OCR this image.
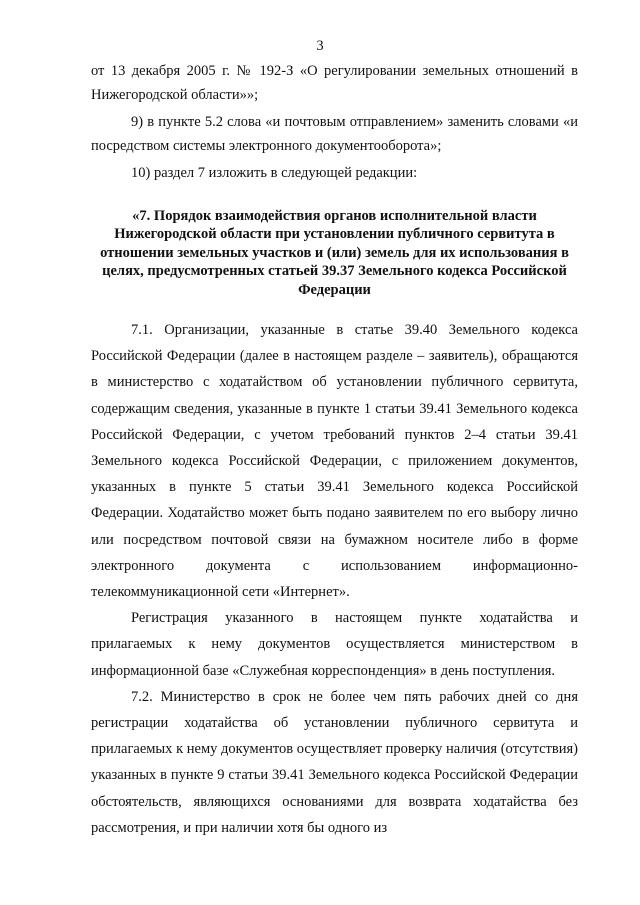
3

от 13 декабря 2005 г. № 192-З «О регулировании земельных отношений в Нижегородской области»»;

9) в пункте 5.2 слова «и почтовым отправлением» заменить словами «и посредством системы электронного документооборота»;

10) раздел 7 изложить в следующей редакции:

«7. Порядок взаимодействия органов исполнительной власти Нижегородской области при установлении публичного сервитута в отношении земельных участков и (или) земель для их использования в целях, предусмотренных статьей 39.37 Земельного кодекса Российской Федерации

7.1. Организации, указанные в статье 39.40 Земельного кодекса Российской Федерации (далее в настоящем разделе – заявитель), обращаются в министерство с ходатайством об установлении публичного сервитута, содержащим сведения, указанные в пункте 1 статьи 39.41 Земельного кодекса Российской Федерации, с учетом требований пунктов 2–4 статьи 39.41 Земельного кодекса Российской Федерации, с приложением документов, указанных в пункте 5 статьи 39.41 Земельного кодекса Российской Федерации. Ходатайство может быть подано заявителем по его выбору лично или посредством почтовой связи на бумажном носителе либо в форме электронного документа с использованием информационно-телекоммуникационной сети «Интернет».

Регистрация указанного в настоящем пункте ходатайства и прилагаемых к нему документов осуществляется министерством в информационной базе «Служебная корреспонденция» в день поступления.

7.2. Министерство в срок не более чем пять рабочих дней со дня регистрации ходатайства об установлении публичного сервитута и прилагаемых к нему документов осуществляет проверку наличия (отсутствия) указанных в пункте 9 статьи 39.41 Земельного кодекса Российской Федерации обстоятельств, являющихся основаниями для возврата ходатайства без рассмотрения, и при наличии хотя бы одного из
